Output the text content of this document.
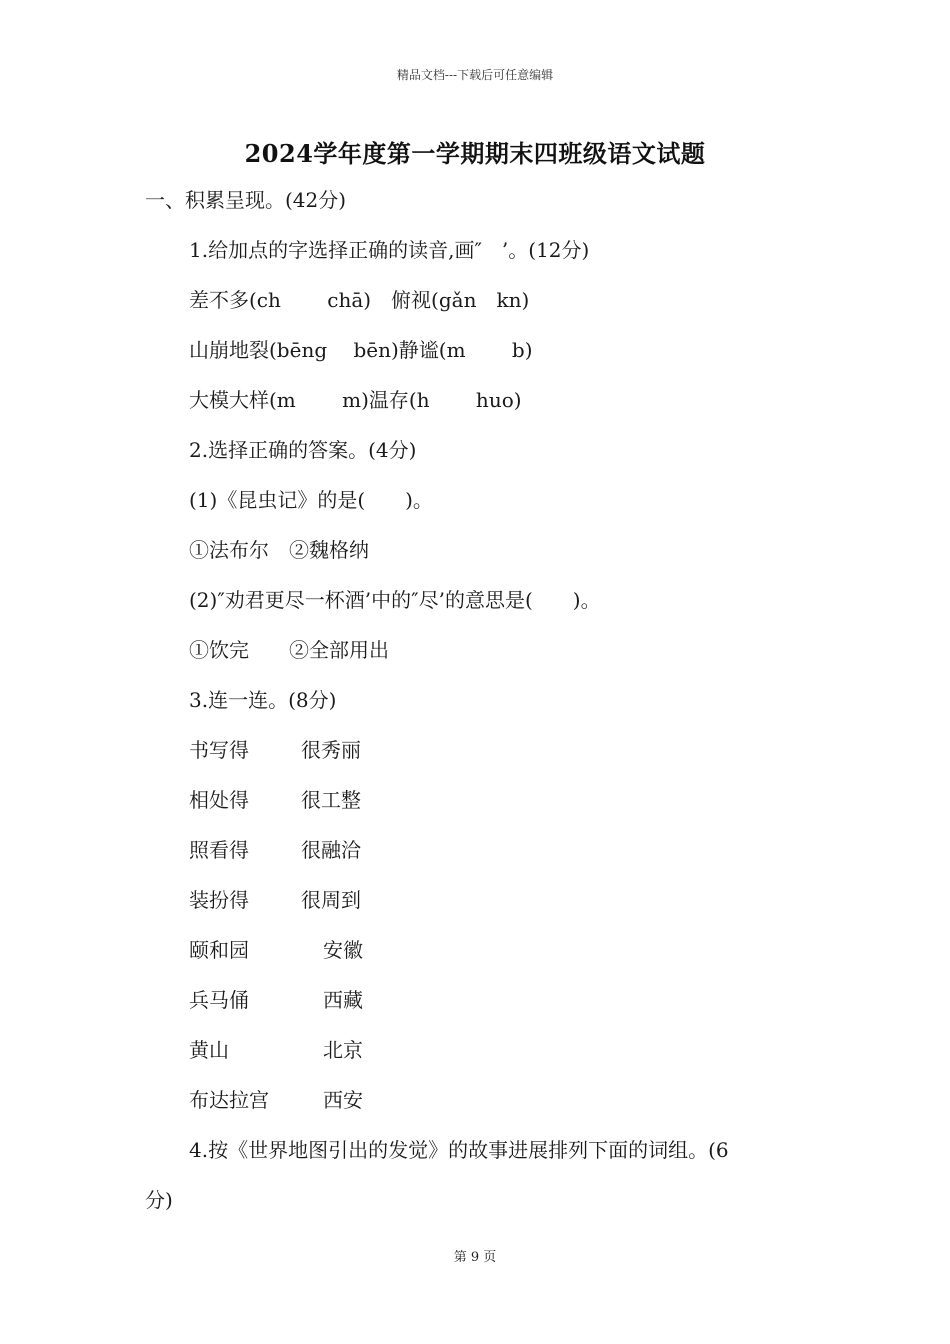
精品文档---下载后可任意编辑
2024学年度第一学期期末四班级语文试题
一、积累呈现。(42分)
1.给加点的字选择正确的读音,画″　’。(12分)
差不多(ch　　 chā)　俯视(gǎn　kn)
山崩地裂(bēng　 bēn)静谧(m　　 b)
大模大样(m　　 m)温存(h　　 huo)
2.选择正确的答案。(4分)
(1)《昆虫记》的是(　　)。
①法布尔　②魏格纳
(2)″劝君更尽一杯酒’中的″尽’的意思是(　　)。
①饮完　　②全部用出
3.连一连。(8分)
书写得	很秀丽
相处得	很工整
照看得	很融洽
装扮得	很周到
颐和园	安徽
兵马俑	西藏
黄山	北京
布达拉宫	西安
4.按《世界地图引出的发觉》的故事进展排列下面的词组。(6
分)
第 9 页
